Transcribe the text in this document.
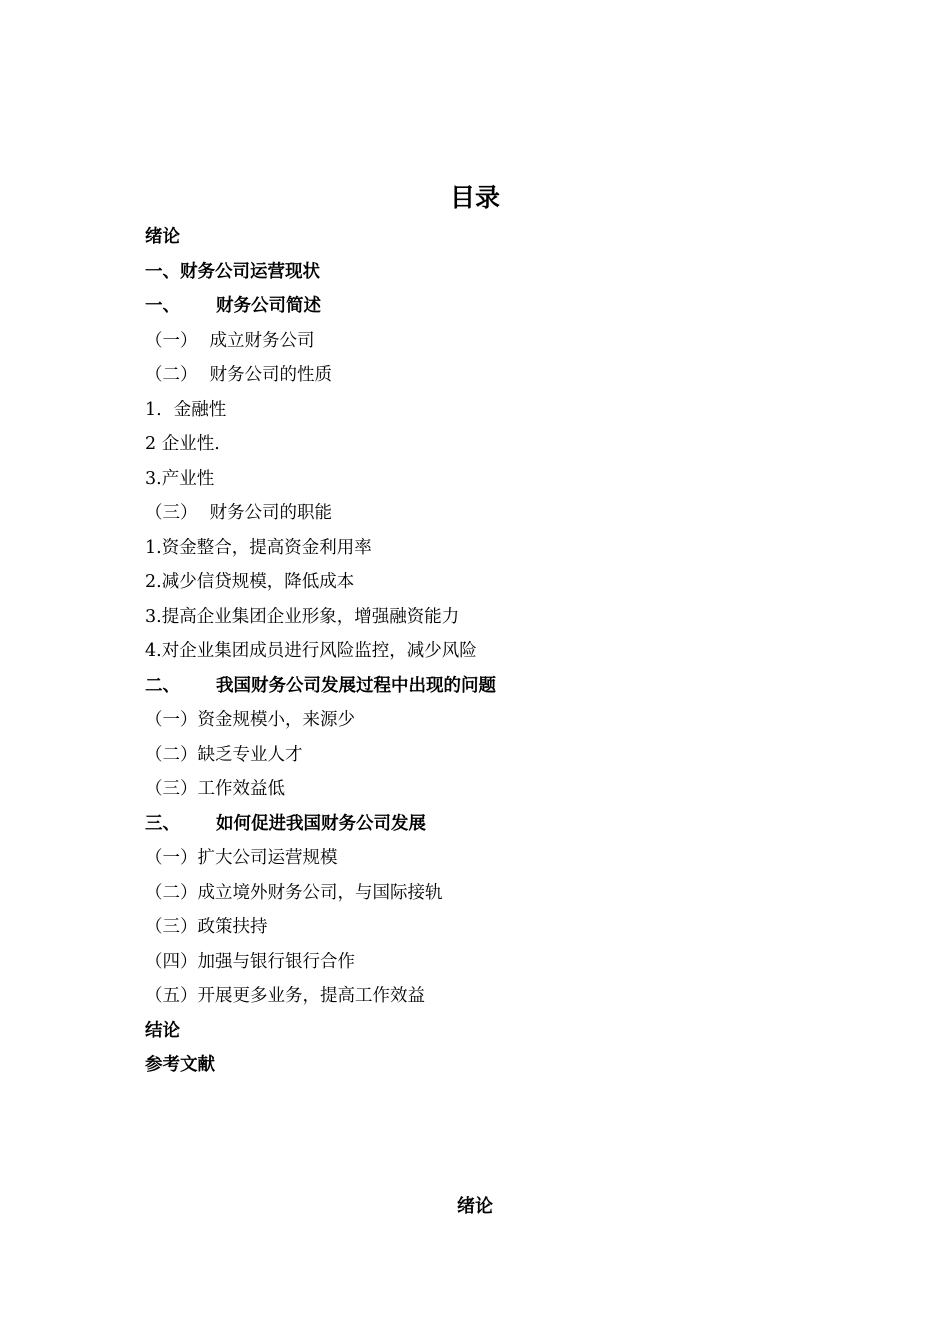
目录
绪论
一、财务公司运营现状
一、 财务公司简述
（一） 成立财务公司
（二） 财务公司的性质
1. 金融性
2 企业性.
3.产业性
（三） 财务公司的职能
1.资金整合，提高资金利用率
2.减少信贷规模，降低成本
3.提高企业集团企业形象，增强融资能力
4.对企业集团成员进行风险监控，减少风险
二、 我国财务公司发展过程中出现的问题
（一）资金规模小，来源少
（二）缺乏专业人才
（三）工作效益低
三、 如何促进我国财务公司发展
（一）扩大公司运营规模
（二）成立境外财务公司，与国际接轨
（三）政策扶持
（四）加强与银行银行合作
（五）开展更多业务，提高工作效益
结论
参考文献
绪论
